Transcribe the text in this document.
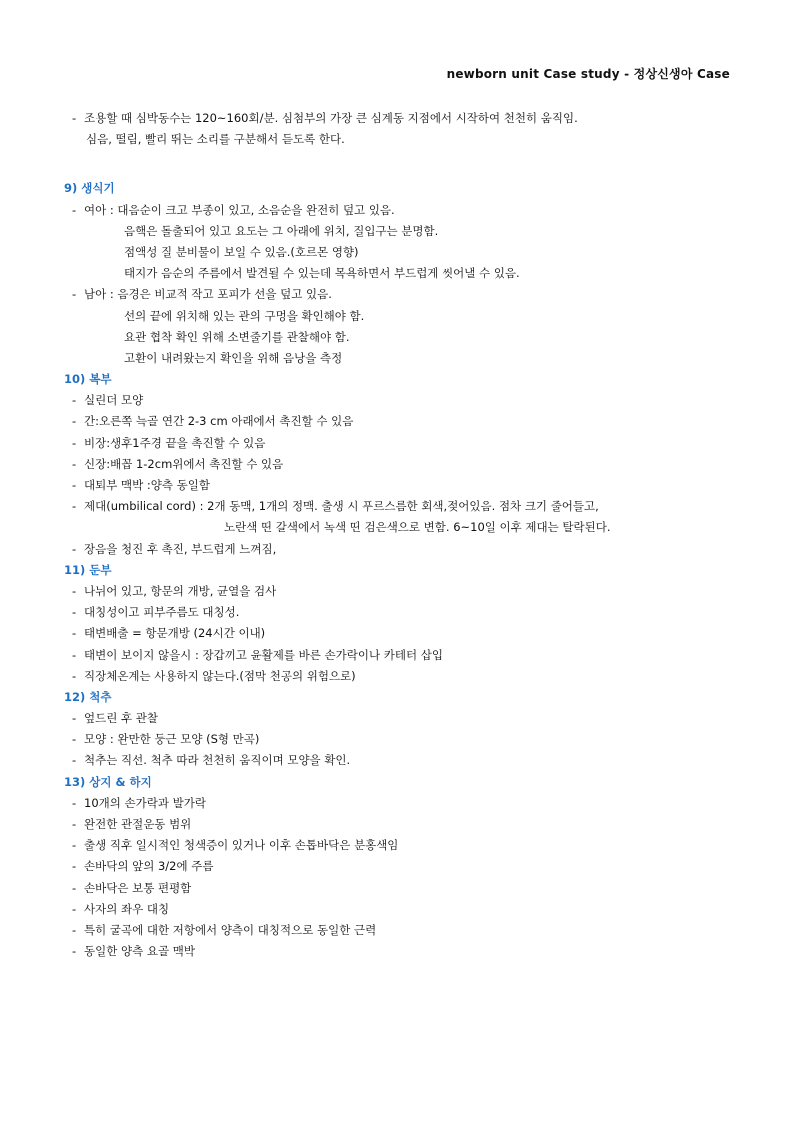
newborn unit Case study - 정상신생아 Case
- 조용할 때 심박동수는 120~160회/분. 심첨부의 가장 큰 심계동 지점에서 시작하여 천천히 움직임.
심음, 떨림, 빨리 뛰는 소리를 구분해서 듣도록 한다.
9) 생식기
- 여아 : 대음순이 크고 부종이 있고, 소음순을 완전히 덮고 있음.
음핵은 돌출되어 있고 요도는 그 아래에 위치, 질입구는 분명함.
점액성 질 분비물이 보일 수 있음.(호르몬 영향)
태지가 음순의 주름에서 발견될 수 있는데 목욕하면서 부드럽게 씻어낼 수 있음.
- 남아 : 음경은 비교적 작고 포피가 선을 덮고 있음.
선의 끝에 위치해 있는 관의 구멍을 확인해야 함.
요관 협착 확인 위해 소변줄기를 관찰해야 함.
고환이 내려왔는지 확인을 위해 음낭을 측정
10) 복부
- 실린더 모양
- 간:오른쪽 늑골 연간 2-3 cm 아래에서 촉진할 수 있음
- 비장:생후1주경 끝을 촉진할 수 있음
- 신장:배꼽 1-2cm위에서 촉진할 수 있음
- 대퇴부 맥박 :양측 동일함
- 제대(umbilical cord) : 2개 동맥, 1개의 정맥. 출생 시 푸르스름한 회색,젖어있음. 점차 크기 줄어들고,
노란색 띤 갈색에서 녹색 띤 검은색으로 변함. 6~10일 이후 제대는 탈락된다.
- 장음을 청진 후 촉진, 부드럽게 느껴짐,
11) 둔부
- 나뉘어 있고, 항문의 개방, 균열을 검사
- 대칭성이고 피부주름도 대칭성.
- 태변배출 = 항문개방 (24시간 이내)
- 태변이 보이지 않을시 : 장갑끼고 윤활제를 바른 손가락이나 카테터 삽입
- 직장체온계는 사용하지 않는다.(점막 천공의 위험으로)
12) 척추
- 엎드린 후 관찰
- 모양 : 완만한 둥근 모양 (S형 만곡)
- 척추는 직선. 척추 따라 천천히 움직이며 모양을 확인.
13) 상지 & 하지
- 10개의 손가락과 발가락
- 완전한 관절운동 범위
- 출생 직후 일시적인 청색증이 있거나 이후 손톱바닥은 분홍색임
- 손바닥의 앞의 3/2에 주름
- 손바닥은 보통 편평함
- 사자의 좌우 대칭
- 특히 굴곡에 대한 저항에서 양측이 대칭적으로 동일한 근력
- 동일한 양측 요골 맥박
